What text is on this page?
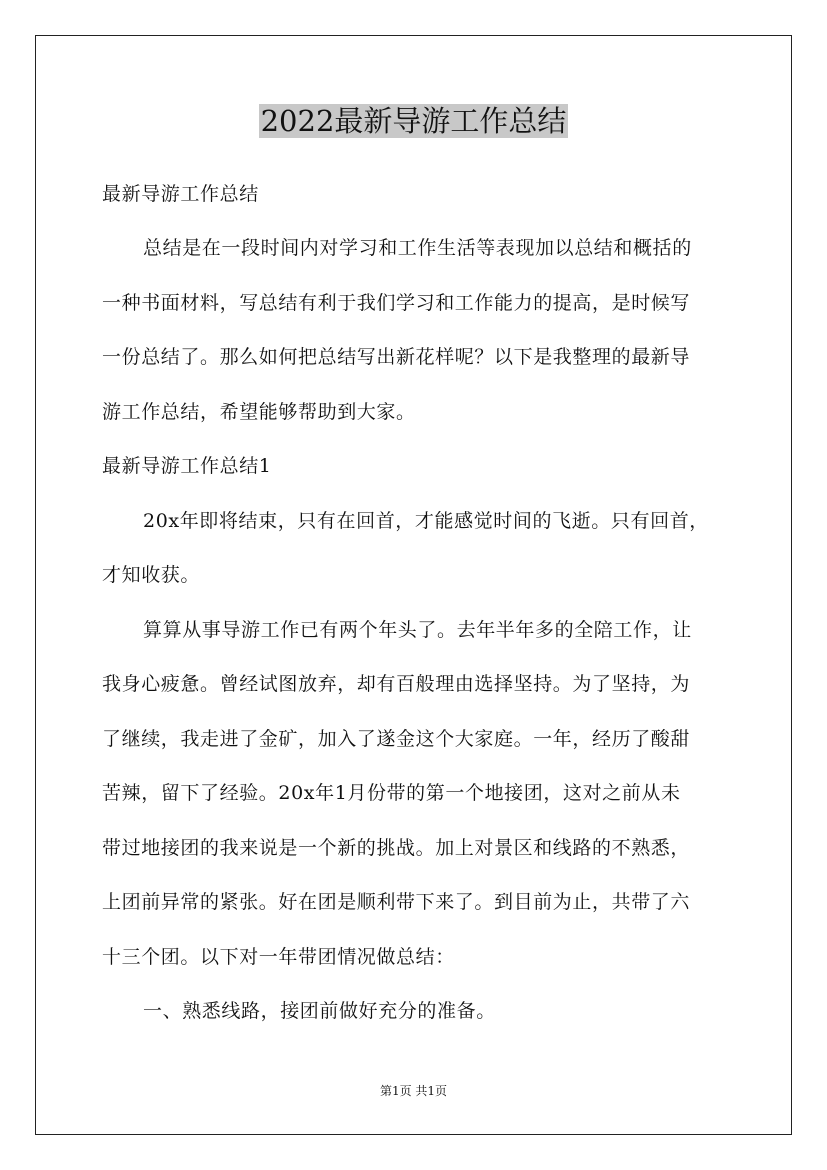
2022最新导游工作总结
最新导游工作总结
总结是在一段时间内对学习和工作生活等表现加以总结和概括的
一种书面材料，写总结有利于我们学习和工作能力的提高，是时候写
一份总结了。那么如何把总结写出新花样呢？以下是我整理的最新导
游工作总结，希望能够帮助到大家。
最新导游工作总结1
20x年即将结束，只有在回首，才能感觉时间的飞逝。只有回首，
才知收获。
算算从事导游工作已有两个年头了。去年半年多的全陪工作，让
我身心疲惫。曾经试图放弃，却有百般理由选择坚持。为了坚持，为
了继续，我走进了金矿，加入了遂金这个大家庭。一年，经历了酸甜
苦辣，留下了经验。20x年1月份带的第一个地接团，这对之前从未
带过地接团的我来说是一个新的挑战。加上对景区和线路的不熟悉，
上团前异常的紧张。好在团是顺利带下来了。到目前为止，共带了六
十三个团。以下对一年带团情况做总结：
一、熟悉线路，接团前做好充分的准备。
第1页 共1页
